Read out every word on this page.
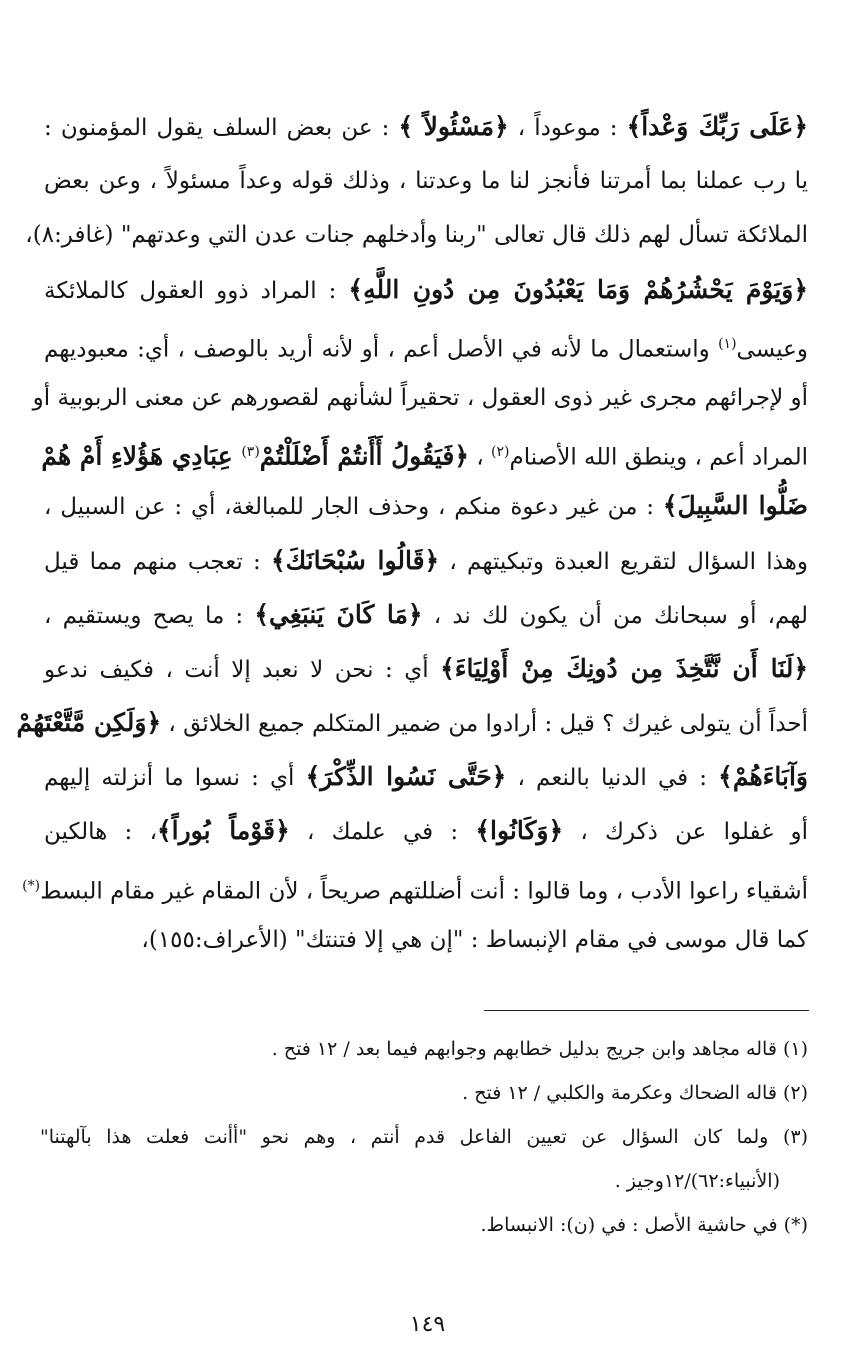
﴿عَلَى رَبِّكَ وَعْداً﴾ : موعوداً ، ﴿مَسْئُولاً ﴾ : عن بعض السلف يقول المؤمنون :
يا رب عملنا بما أمرتنا فأنجز لنا ما وعدتنا ، وذلك قوله وعداً مسئولاً ، وعن بعض
الملائكة تسأل لهم ذلك قال تعالى "ربنا وأدخلهم جنات عدن التي وعدتهم" (غافر:٨)،
﴿وَيَوْمَ يَحْشُرُهُمْ وَمَا يَعْبُدُونَ مِن دُونِ اللَّهِ﴾ : المراد ذوو العقول كالملائكة
وعيسى$^{(١)}$ واستعمال ما لأنه في الأصل أعم ، أو لأنه أريد بالوصف ، أي: معبوديهم
أو لإجرائهم مجرى غير ذوى العقول ، تحقيراً لشأنهم لقصورهم عن معنى الربوبية أو
المراد أعم ، وينطق الله الأصنام$^{(٢)}$ ، ﴿فَيَقُولُ أَأَنتُمْ أَضْلَلْتُمْ$^{(٣)}$ عِبَادِي هَؤُلاءِ أَمْ هُمْ
ضَلُّوا السَّبِيلَ﴾ : من غير دعوة منكم ، وحذف الجار للمبالغة، أي : عن السبيل ،
وهذا السؤال لتقريع العبدة وتبكيتهم ، ﴿قَالُوا سُبْحَانَكَ﴾ : تعجب منهم مما قيل
لهم، أو سبحانك من أن يكون لك ند ، ﴿مَا كَانَ يَنبَغِي﴾ : ما يصح ويستقيم ،
﴿لَنَا أَن نَّتَّخِذَ مِن دُونِكَ مِنْ أَوْلِيَاءَ﴾ أي : نحن لا نعبد إلا أنت ، فكيف ندعو
أحداً أن يتولى غيرك ؟ قيل : أرادوا من ضمير المتكلم جميع الخلائق ، ﴿وَلَكِن مَّتَّعْتَهُمْ
وَآبَاءَهُمْ﴾ : في الدنيا بالنعم ، ﴿حَتَّى نَسُوا الذِّكْرَ﴾ أي : نسوا ما أنزلته إليهم
أو غفلوا عن ذكرك ، ﴿وَكَانُوا﴾ : في علمك ، ﴿قَوْماً بُوراً﴾، : هالكين
أشقياء راعوا الأدب ، وما قالوا : أنت أضللتهم صريحاً ، لأن المقام غير مقام البسط(*)
كما قال موسى في مقام الإنبساط : "إن هي إلا فتنتك" (الأعراف:١٥٥)،
(١) قاله مجاهد وابن جريج بدليل خطابهم وجوابهم فيما بعد / ١٢ فتح .
(٢) قاله الضحاك وعكرمة والكلبي / ١٢ فتح .
(٣) ولما كان السؤال عن تعيين الفاعل قدم أنتم ، وهم نحو "أأنت فعلت هذا بآلهتنا"
(الأنبياء:٦٢)/١٢وجيز .
(*) في حاشية الأصل : في (ن): الانبساط.
١٤٩
